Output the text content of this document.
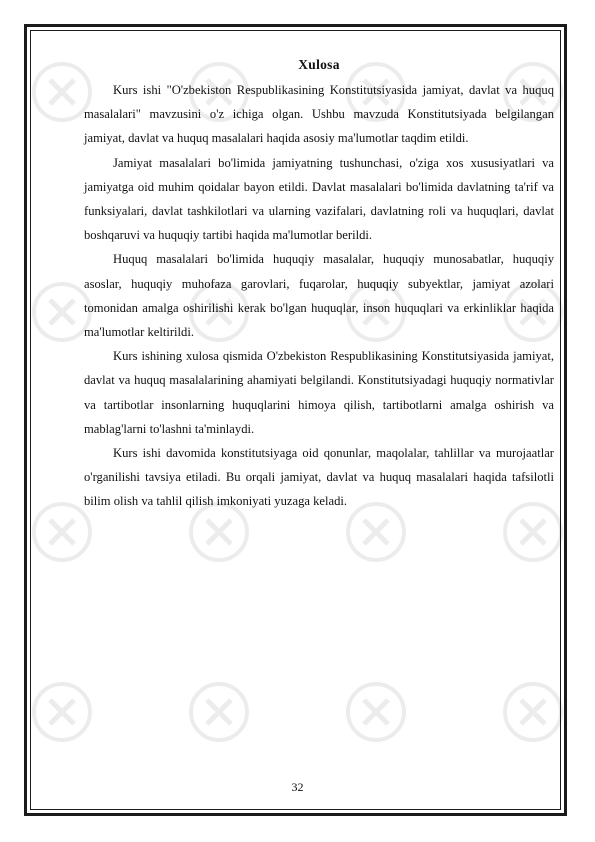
Xulosa

Kurs ishi "O'zbekiston Respublikasining Konstitutsiyasida jamiyat, davlat va huquq masalalari" mavzusini o'z ichiga olgan. Ushbu mavzuda Konstitutsiyada belgilangan jamiyat, davlat va huquq masalalari haqida asosiy ma'lumotlar taqdim etildi.

Jamiyat masalalari bo'limida jamiyatning tushunchasi, o'ziga xos xususiyatlari va jamiyatga oid muhim qoidalar bayon etildi. Davlat masalalari bo'limida davlatning ta'rif va funksiyalari, davlat tashkilotlari va ularning vazifalari, davlatning roli va huquqlari, davlat boshqaruvi va huquqiy tartibi haqida ma'lumotlar berildi.

Huquq masalalari bo'limida huquqiy masalalar, huquqiy munosabatlar, huquqiy asoslar, huquqiy muhofaza garovlari, fuqarolar, huquqiy subyektlar, jamiyat azolari tomonidan amalga oshirilishi kerak bo'lgan huquqlar, inson huquqlari va erkinliklar haqida ma'lumotlar keltirildi.

Kurs ishining xulosa qismida O'zbekiston Respublikasining Konstitutsiyasida jamiyat, davlat va huquq masalalarining ahamiyati belgilandi. Konstitutsiyadagi huquqiy normativlar va tartibotlar insonlarning huquqlarini himoya qilish, tartibotlarni amalga oshirish va mablag'larni to'lashni ta'minlaydi.

Kurs ishi davomida konstitutsiyaga oid qonunlar, maqolalar, tahlillar va murojaatlar o'rganilishi tavsiya etiladi. Bu orqali jamiyat, davlat va huquq masalalari haqida tafsilotli bilim olish va tahlil qilish imkoniyati yuzaga keladi.

32
